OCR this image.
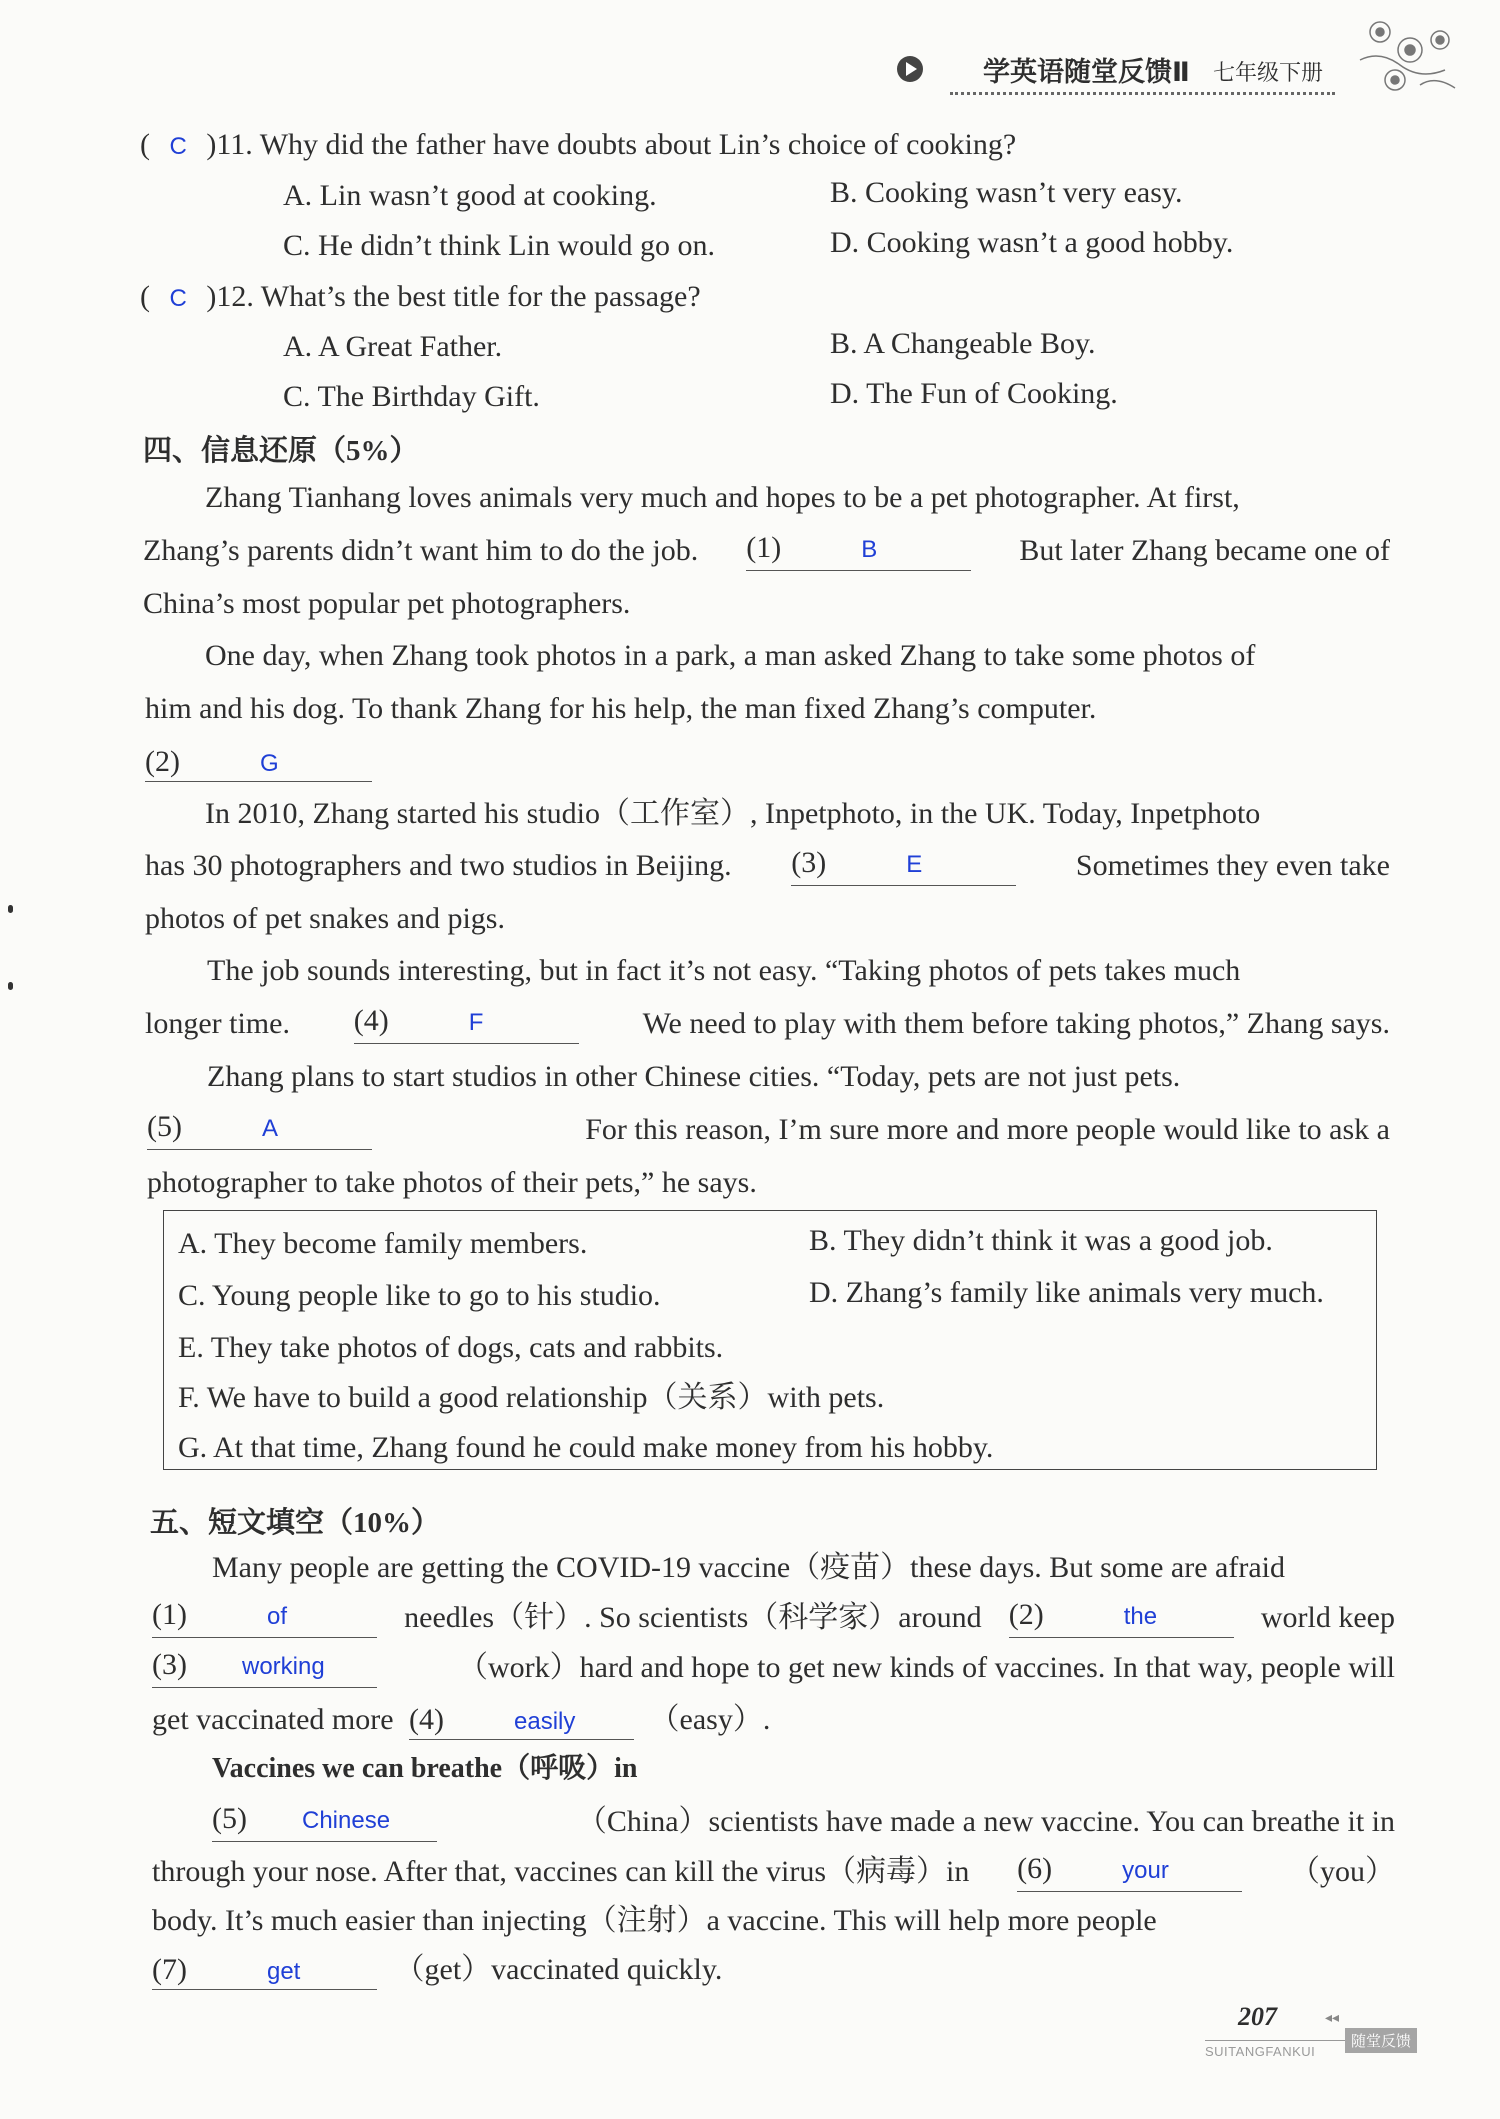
学英语随堂反馈Ⅱ 七年级下册
( C )11. Why did the father have doubts about Lin’s choice of cooking?
A. Lin wasn’t good at cooking.	B. Cooking wasn’t very easy.
C. He didn’t think Lin would go on.	D. Cooking wasn’t a good hobby.
( C )12. What’s the best title for the passage?
A. A Great Father.	B. A Changeable Boy.
C. The Birthday Gift.	D. The Fun of Cooking.
四、信息还原（5%）
Zhang Tianhang loves animals very much and hopes to be a pet photographer. At first,
Zhang’s parents didn’t want him to do the job. (1)	B	But later Zhang became one of
China’s most popular pet photographers.
One day, when Zhang took photos in a park, a man asked Zhang to take some photos of
him and his dog. To thank Zhang for his help, the man fixed Zhang’s computer.
(2)	G
In 2010, Zhang started his studio（工作室）, Inpetphoto, in the UK. Today, Inpetphoto
has 30 photographers and two studios in Beijing. (3)	E	Sometimes they even take
photos of pet snakes and pigs.
The job sounds interesting, but in fact it’s not easy. “Taking photos of pets takes much
longer time. (4)	F	We need to play with them before taking photos,” Zhang says.
Zhang plans to start studios in other Chinese cities. “Today, pets are not just pets.
(5)	A	For this reason, I’m sure more and more people would like to ask a
photographer to take photos of their pets,” he says.
A. They become family members.	B. They didn’t think it was a good job.
C. Young people like to go to his studio.	D. Zhang’s family like animals very much.
E. They take photos of dogs, cats and rabbits.
F. We have to build a good relationship（关系）with pets.
G. At that time, Zhang found he could make money from his hobby.
五、短文填空（10%）
Many people are getting the COVID-19 vaccine（疫苗）these days. But some are afraid
(1)	of	needles（针）. So scientists（科学家）around (2)	the	world keep
(3) working	（work）hard and hope to get new kinds of vaccines. In that way, people will
get vaccinated more (4)	easily （easy）.
Vaccines we can breathe（呼吸）in
(5) Chinese	（China）scientists have made a new vaccine. You can breathe it in
through your nose. After that, vaccines can kill the virus（病毒）in (6)	your	（you）
body. It’s much easier than injecting（注射）a vaccine. This will help more people
(7)	get	（get）vaccinated quickly.
207	◂◂
SUITANGFANKUI
随堂反馈
